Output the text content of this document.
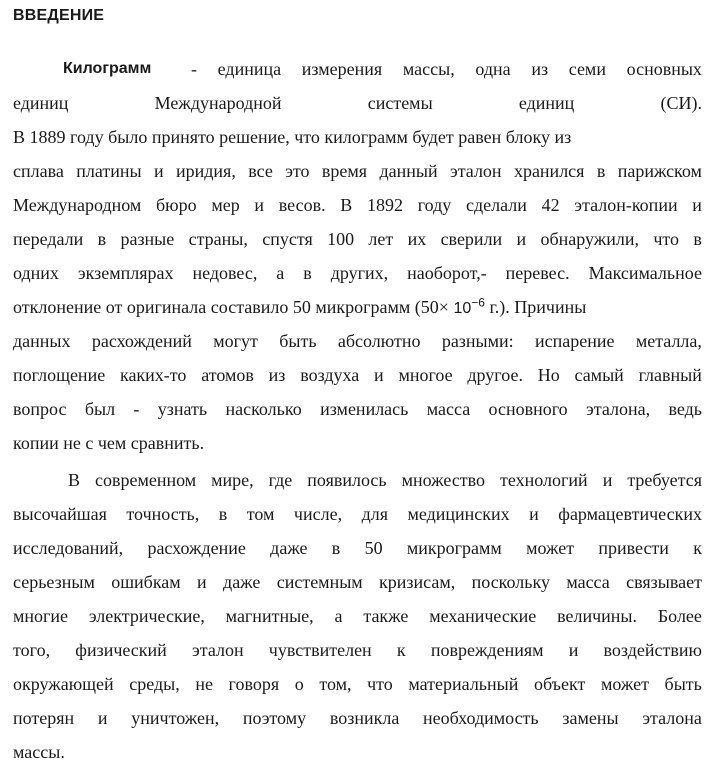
ВВЕДЕНИЕ
Килограмм - единица измерения массы, одна из семи основных
единиц	Международной	системы	единиц	(СИ).
В 1889 году было принято решение, что килограмм будет равен блоку из
сплава платины и иридия, все это время данный эталон хранился в парижском
Международном бюро мер и весов. В 1892 году сделали 42 эталон-копии и
передали в разные страны, спустя 100 лет их сверили и обнаружили, что в
одних экземплярах недовес, а в других, наоборот,- перевес. Максимальное
отклонение от оригинала составило 50 микрограмм ($50\times 10^{-6}$ г.). Причины
данных расхождений могут быть абсолютно разными: испарение металла,
поглощение каких-то атомов из воздуха и многое другое. Но самый главный
вопрос был - узнать насколько изменилась масса основного эталона, ведь
копии не с чем сравнить.
В современном мире, где появилось множество технологий и требуется
высочайшая точность, в том числе, для медицинских и фармацевтических
исследований, расхождение даже в 50 микрограмм может привести к
серьезным ошибкам и даже системным кризисам, поскольку масса связывает
многие электрические, магнитные, а также механические величины. Более
того, физический эталон чувствителен к повреждениям и воздействию
окружающей среды, не говоря о том, что материальный объект может быть
потерян и уничтожен, поэтому возникла необходимость замены эталона
массы.
